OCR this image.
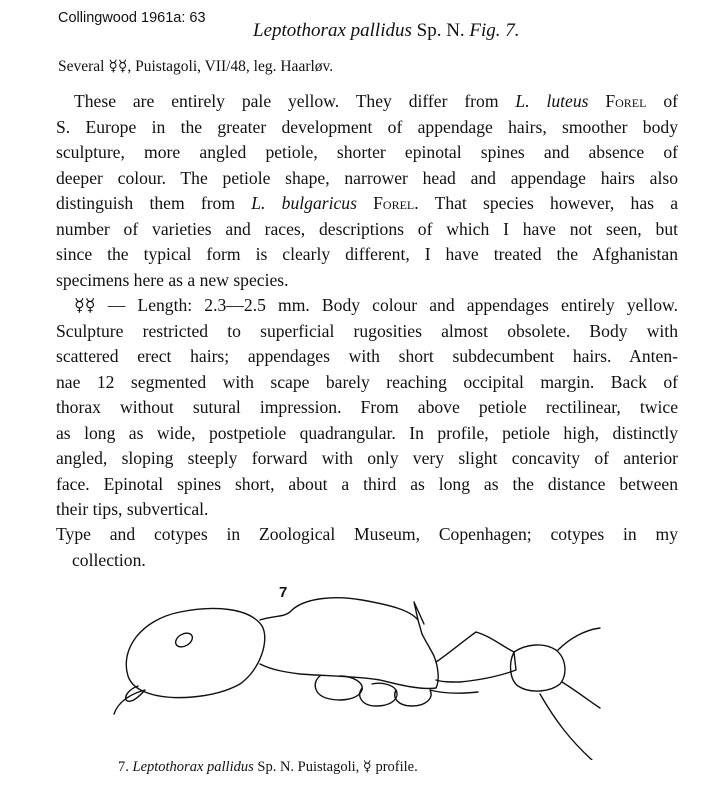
Collingwood 1961a: 63
Leptothorax pallidus Sp. N. Fig. 7.
Several ☿☿, Puistagoli, VII/48, leg. Haarløv.
These are entirely pale yellow. They differ from L. luteus Forel of
S. Europe in the greater development of appendage hairs, smoother body
sculpture, more angled petiole, shorter epinotal spines and absence of
deeper colour. The petiole shape, narrower head and appendage hairs also
distinguish them from L. bulgaricus Forel. That species however, has a
number of varieties and races, descriptions of which I have not seen, but
since the typical form is clearly different, I have treated the Afghanistan
specimens here as a new species.
☿☿ — Length: 2.3—2.5 mm. Body colour and appendages entirely yellow.
Sculpture restricted to superficial rugosities almost obsolete. Body with
scattered erect hairs; appendages with short subdecumbent hairs. Anten-
nae 12 segmented with scape barely reaching occipital margin. Back of
thorax without sutural impression. From above petiole rectilinear, twice
as long as wide, postpetiole quadrangular. In profile, petiole high, distinctly
angled, sloping steeply forward with only very slight concavity of anterior
face. Epinotal spines short, about a third as long as the distance between
their tips, subvertical.
Type and cotypes in Zoological Museum, Copenhagen; cotypes in my
collection.
7
7. Leptothorax pallidus Sp. N. Puistagoli, ☿ profile.
